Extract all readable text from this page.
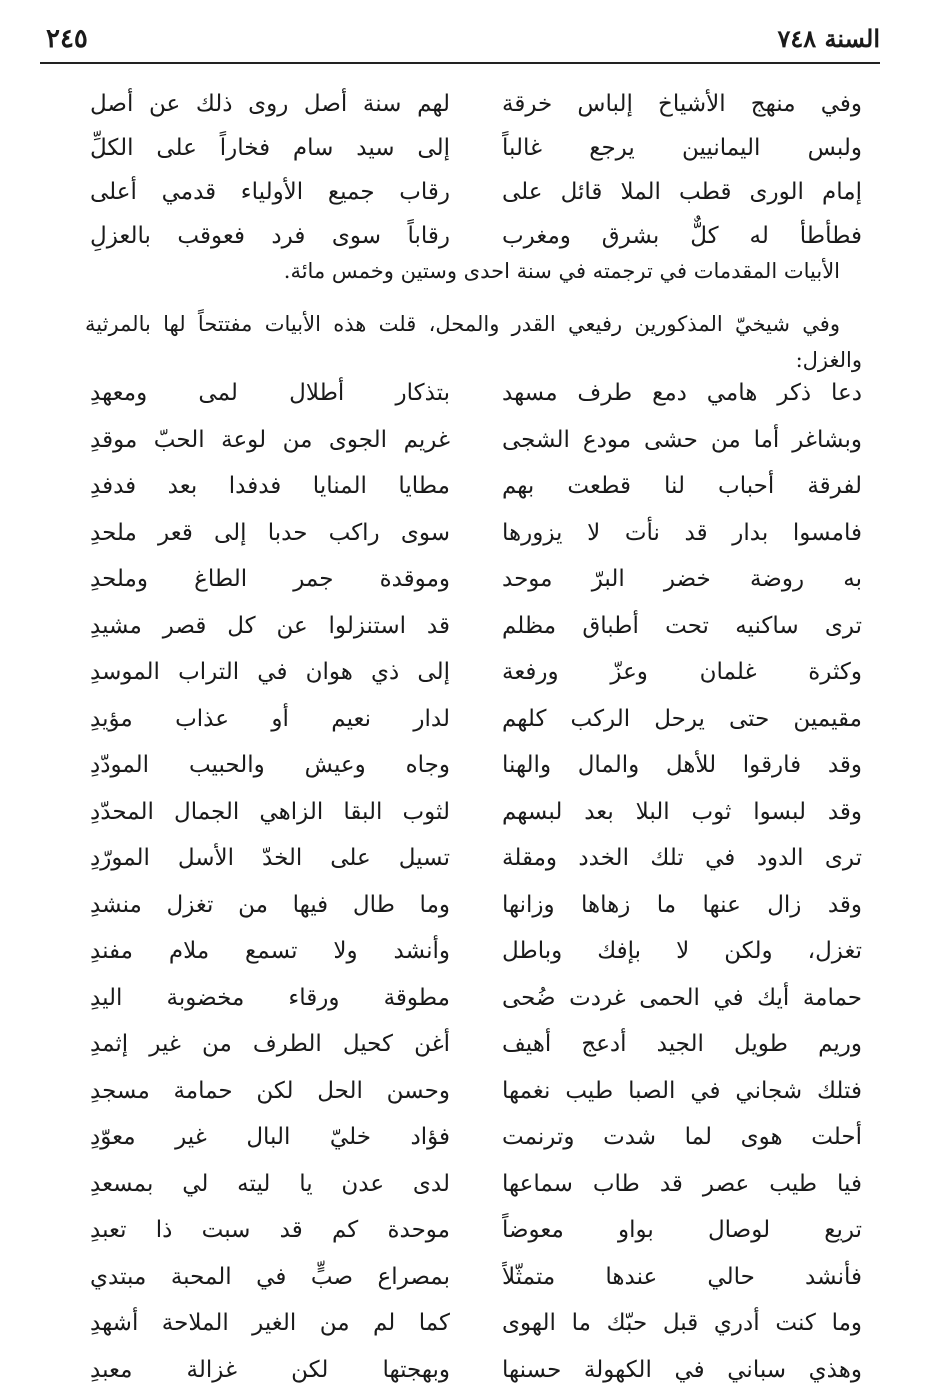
السنة ٧٤٨
٢٤٥
وفي منهج الأشياخ إلباس خرقة
لهم سنة أصل روى ذلك عن أصل
ولبس اليمانيين يرجع غالباً
إلى سيد سام فخاراً على الكلِّ
إمام الورى قطب الملا قائل على
رقاب جميع الأولياء قدمي أعلى
فطأطأ له كلٌّ بشرق ومغرب
رقاباً سوى فرد فعوقب بالعزلِ
الأبيات المقدمات في ترجمته في سنة احدى وستين وخمس مائة.
وفي شيخيّ المذكورين رفيعي القدر والمحل، قلت هذه الأبيات مفتتحاً لها بالمرثية والغزل:
دعا ذكر هامي دمع طرف مسهد
بتذكار أطلال لمى ومعهدِ
وبشاغر أما من حشى مودع الشجى
غريم الجوى من لوعة الحبّ موقدِ
لفرقة أحباب لنا قطعت بهم
مطايا المنايا فدفدا بعد فدفدِ
فامسوا بدار قد نأت لا يزورها
سوى راكب حدبا إلى قعر ملحدِ
به روضة خضر البرّ موحد
وموقدة جمر الطاغ وملحدِ
ترى ساكنيه تحت أطباق مظلم
قد استنزلوا عن كل قصر مشيدِ
وكثرة غلمان وعزّ ورفعة
إلى ذي هوان في التراب الموسدِ
مقيمين حتى يرحل الركب كلهم
لدار نعيم أو عذاب مؤيدِ
وقد فارقوا للأهل والمال والهنا
وجاه وعيش والحبيب المودّدِ
وقد لبسوا ثوب البلا بعد لبسهم
لثوب البقا الزاهي الجمال المحدّدِ
ترى الدود في تلك الخدد ومقلة
تسيل على الخدّ الأسل المورّدِ
وقد زال عنها ما زهاها وزانها
وما طال فيها من تغزل منشدِ
تغزل، ولكن لا بإفك وباطل
وأنشد ولا تسمع ملام مفندِ
حمامة أيك في الحمى غردت ضُحى
مطوقة ورقاء مخضوبة اليدِ
وريم طويل الجيد أدعج أهيف
أغن كحيل الطرف من غير إثمدِ
فتلك شجاني في الصبا طيب نغمها
وحسن الحل لكن حمامة مسجدِ
أحلت هوى لما شدت وترنمت
فؤاد خليّ البال غير معوّدِ
فيا طيب عصر قد طاب سماعها
لدى عدن يا ليته لي بمسعدِ
تريع لوصال بواو معوضاً
موحدة كم قد سبت ذا تعبدِ
فأنشد حالي عندها متمثّلاً
بمصراع صبٍّ في المحبة مبتدي
وما كنت أدري قبل حبّك ما الهوى
كما لم من الغير الملاحة أشهدِ
وهذي سباني في الكهولة حسنها
وبهجتها لكن غزالة معبدِ
